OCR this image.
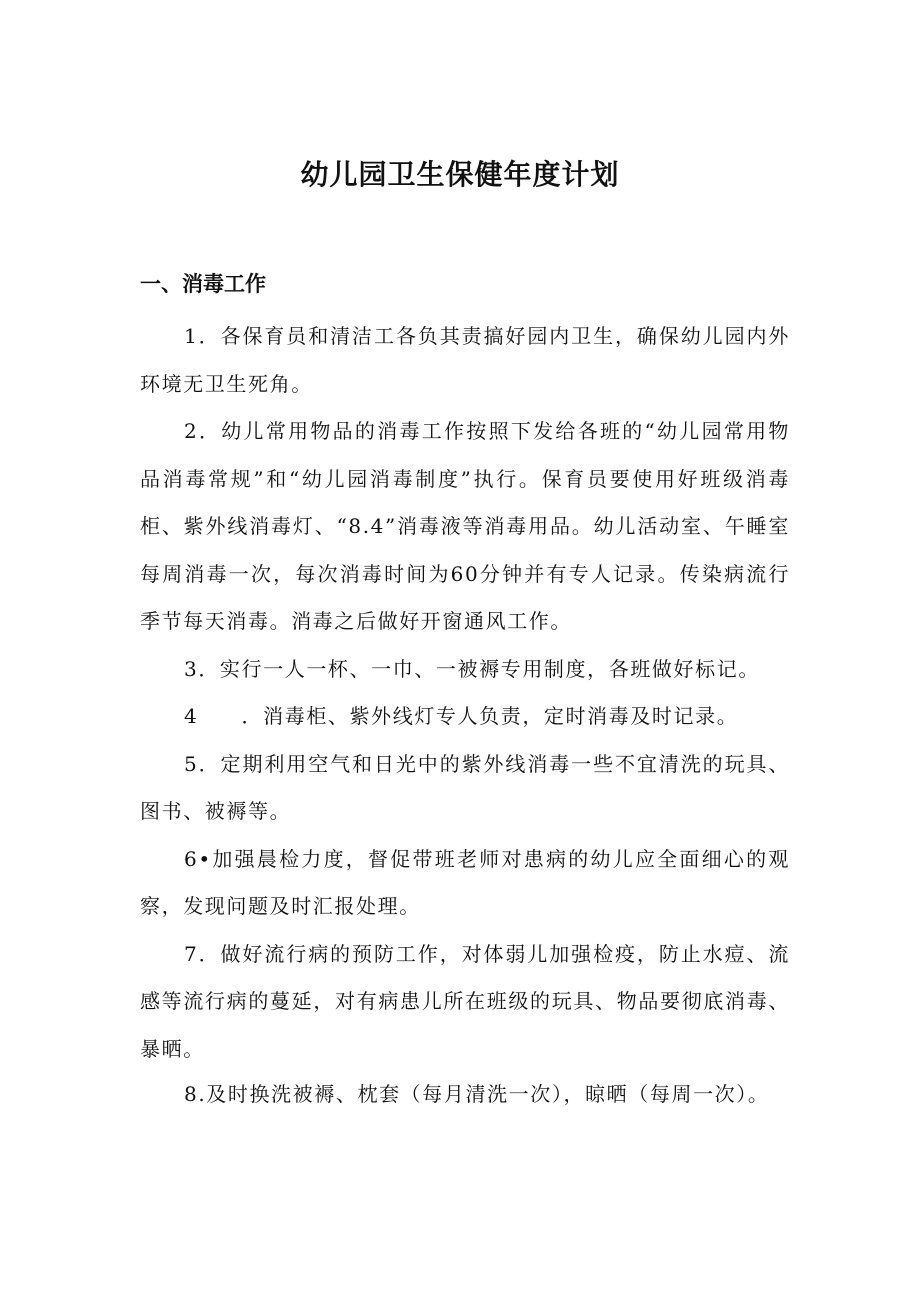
幼儿园卫生保健年度计划
一、消毒工作

1．各保育员和清洁工各负其责搞好园内卫生，确保幼儿园内外环境无卫生死角。

2．幼儿常用物品的消毒工作按照下发给各班的“幼儿园常用物品消毒常规”和“幼儿园消毒制度”执行。保育员要使用好班级消毒柜、紫外线消毒灯、“8.4”消毒液等消毒用品。幼儿活动室、午睡室每周消毒一次，每次消毒时间为60分钟并有专人记录。传染病流行季节每天消毒。消毒之后做好开窗通风工作。

3．实行一人一杯、一巾、一被褥专用制度，各班做好标记。

4　　．消毒柜、紫外线灯专人负责，定时消毒及时记录。

5．定期利用空气和日光中的紫外线消毒一些不宜清洗的玩具、图书、被褥等。

6•加强晨检力度，督促带班老师对患病的幼儿应全面细心的观察，发现问题及时汇报处理。

7．做好流行病的预防工作，对体弱儿加强检疫，防止水痘、流感等流行病的蔓延，对有病患儿所在班级的玩具、物品要彻底消毒、暴晒。

8.及时换洗被褥、枕套（每月清洗一次），晾晒（每周一次）。
